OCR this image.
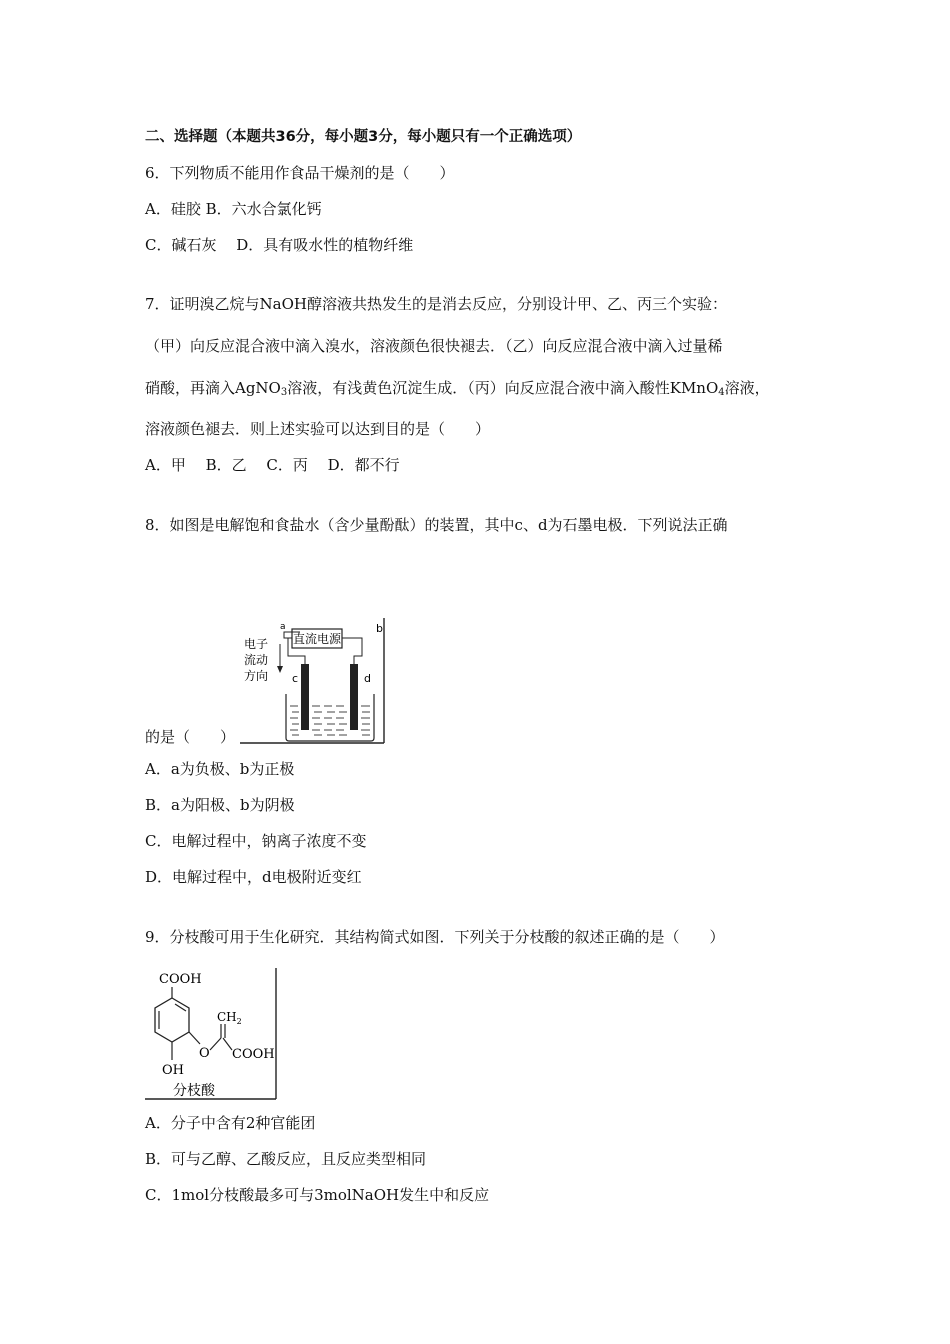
二、选择题（本题共36分，每小题3分，每小题只有一个正确选项）
6．下列物质不能用作食品干燥剂的是（　　）
A．硅胶 B．六水合氯化钙
C．碱石灰　 D．具有吸水性的植物纤维
7．证明溴乙烷与NaOH醇溶液共热发生的是消去反应，分别设计甲、乙、丙三个实验：
（甲）向反应混合液中滴入溴水，溶液颜色很快褪去．（乙）向反应混合液中滴入过量稀
硝酸，再滴入AgNO$_3$溶液，有浅黄色沉淀生成．（丙）向反应混合液中滴入酸性KMnO$_4$溶液，
溶液颜色褪去．则上述实验可以达到目的是（　　）
A．甲　 B．乙　 C．丙　 D．都不行
8．如图是电解饱和食盐水（含少量酚酞）的装置，其中c、d为石墨电极．下列说法正确
a	b
直流电源
电子
流动
方向 c	d
的是（　　）
A．a为负极、b为正极
B．a为阳极、b为阴极
C．电解过程中，钠离子浓度不变
D．电解过程中，d电极附近变红
9．分枝酸可用于生化研究．其结构简式如图．下列关于分枝酸的叙述正确的是（　　）
COOH
OH
O
$CH_2$
COOH
分枝酸
A．分子中含有2种官能团
B．可与乙醇、乙酸反应，且反应类型相同
C．1mol分枝酸最多可与3molNaOH发生中和反应
